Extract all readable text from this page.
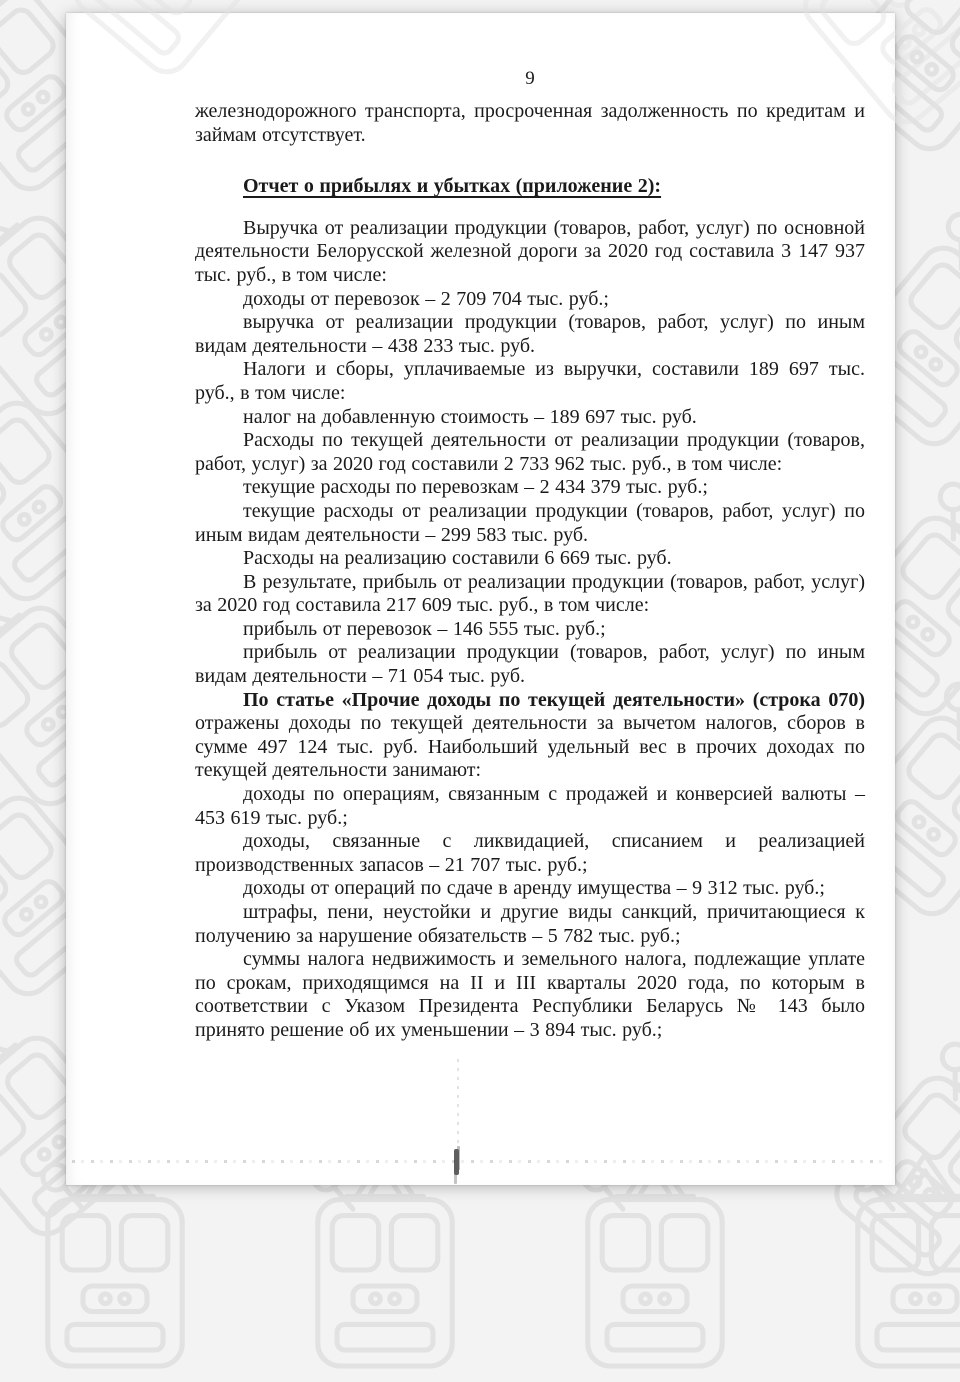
9

железнодорожного транспорта, просроченная задолженность по кредитам и займам отсутствует.

Отчет о прибылях и убытках (приложение 2):

Выручка от реализации продукции (товаров, работ, услуг) по основной деятельности Белорусской железной дороги за 2020 год составила 3 147 937 тыс. руб., в том числе:

доходы от перевозок – 2 709 704 тыс. руб.;

выручка от реализации продукции (товаров, работ, услуг) по иным видам деятельности – 438 233 тыс. руб.

Налоги и сборы, уплачиваемые из выручки, составили 189 697 тыс. руб., в том числе:

налог на добавленную стоимость – 189 697 тыс. руб.

Расходы по текущей деятельности от реализации продукции (товаров, работ, услуг) за 2020 год составили 2 733 962 тыс. руб., в том числе:

текущие расходы по перевозкам – 2 434 379 тыс. руб.;

текущие расходы от реализации продукции (товаров, работ, услуг) по иным видам деятельности – 299 583 тыс. руб.

Расходы на реализацию составили 6 669 тыс. руб.

В результате, прибыль от реализации продукции (товаров, работ, услуг) за 2020 год составила 217 609 тыс. руб., в том числе:

прибыль от перевозок – 146 555 тыс. руб.;

прибыль от реализации продукции (товаров, работ, услуг) по иным видам деятельности – 71 054 тыс. руб.

По статье «Прочие доходы по текущей деятельности» (строка 070) отражены доходы по текущей деятельности за вычетом налогов, сборов в сумме 497 124 тыс. руб. Наибольший удельный вес в прочих доходах по текущей деятельности занимают:

доходы по операциям, связанным с продажей и конверсией валюты – 453 619 тыс. руб.;

доходы, связанные с ликвидацией, списанием и реализацией производственных запасов – 21 707 тыс. руб.;

доходы от операций по сдаче в аренду имущества – 9 312 тыс. руб.;

штрафы, пени, неустойки и другие виды санкций, причитающиеся к получению за нарушение обязательств – 5 782 тыс. руб.;

суммы налога недвижимость и земельного налога, подлежащие уплате по срокам, приходящимся на II и III кварталы 2020 года, по которым в соответствии с Указом Президента Республики Беларусь № 143 было принято решение об их уменьшении – 3 894 тыс. руб.;
